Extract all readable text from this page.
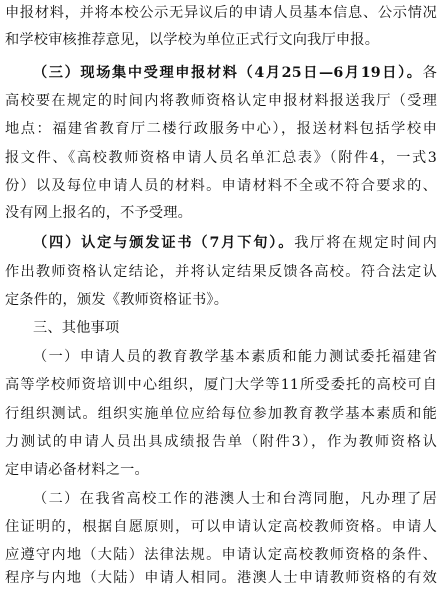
申报材料，并将本校公示无异议后的申请人员基本信息、公示情况
和学校审核推荐意见，以学校为单位正式行文向我厅申报。
（三）现场集中受理申报材料（4月25日—6月19日）。各
高校要在规定的时间内将教师资格认定申报材料报送我厅（受理
地点：福建省教育厅二楼行政服务中心），报送材料包括学校申
报文件、《高校教师资格申请人员名单汇总表》（附件4，一式3
份）以及每位申请人员的材料。申请材料不全或不符合要求的、
没有网上报名的，不予受理。
（四）认定与颁发证书（7月下旬）。我厅将在规定时间内
作出教师资格认定结论，并将认定结果反馈各高校。符合法定认
定条件的，颁发《教师资格证书》。
三、其他事项
（一）申请人员的教育教学基本素质和能力测试委托福建省
高等学校师资培训中心组织，厦门大学等11所受委托的高校可自
行组织测试。组织实施单位应给每位参加教育教学基本素质和能
力测试的申请人员出具成绩报告单（附件3），作为教师资格认
定申请必备材料之一。
（二）在我省高校工作的港澳人士和台湾同胞，凡办理了居
住证明的，根据自愿原则，可以申请认定高校教师资格。申请人
应遵守内地（大陆）法律法规。申请认定高校教师资格的条件、
程序与内地（大陆）申请人相同。港澳人士申请教师资格的有效
